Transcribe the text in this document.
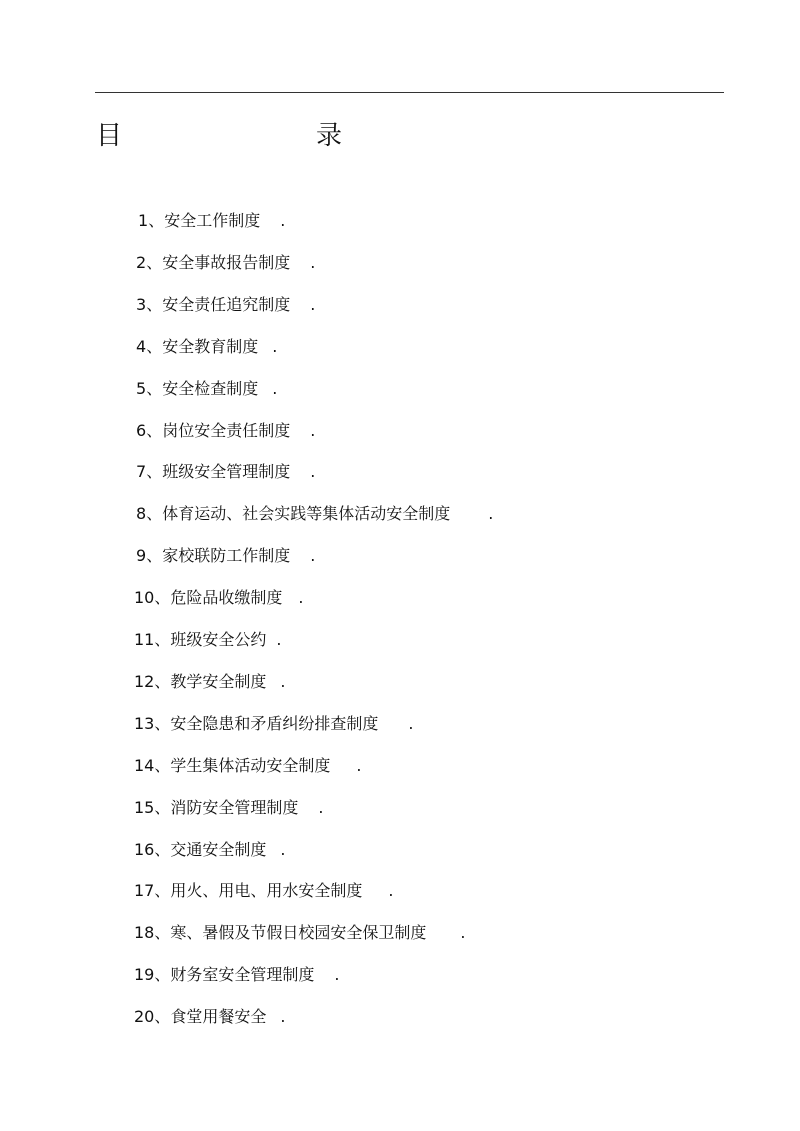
目	录
1 、 安全工作制度 .
2 、 安全事故报告制度 .
3 、 安全责任追究制度 .
4 、 安全教育制度 .
5 、 安全检查制度 .
6 、 岗位安全责任制度 .
7 、 班级安全管理制度 .
8 、 体育运动、社会实践等集体活动安全制度 .
9 、 家校联防工作制度 .
10 、 危险品收缴制度 .
11 、 班级安全公约 .
12 、 教学安全制度 .
13 、 安全隐患和矛盾纠纷排查制度 .
14 、 学生集体活动安全制度 .
15 、 消防安全管理制度 .
16 、 交通安全制度 .
17 、 用火、用电、用水安全制度 .
18 、 寒、暑假及节假日校园安全保卫制度 .
19 、 财务室安全管理制度 .
20 、 食堂用餐安全 .
